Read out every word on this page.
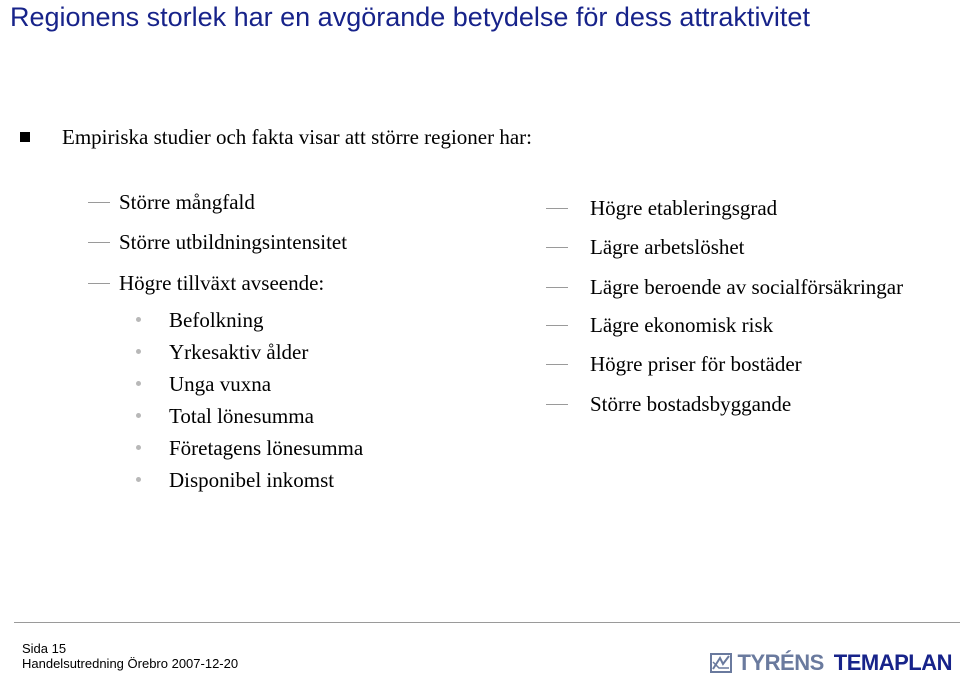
Regionens storlek har en avgörande betydelse för dess attraktivitet
Empiriska studier och fakta visar att större regioner har:
Större mångfald
Större utbildningsintensitet
Högre tillväxt avseende:
Befolkning
Yrkesaktiv ålder
Unga vuxna
Total lönesumma
Företagens lönesumma
Disponibel inkomst
Högre etableringsgrad
Lägre arbetslöshet
Lägre beroende av socialförsäkringar
Lägre ekonomisk risk
Högre priser för bostäder
Större bostadsbyggande
Sida 15
Handelsutredning Örebro 2007-12-20	TYRÉNS TEMAPLAN
